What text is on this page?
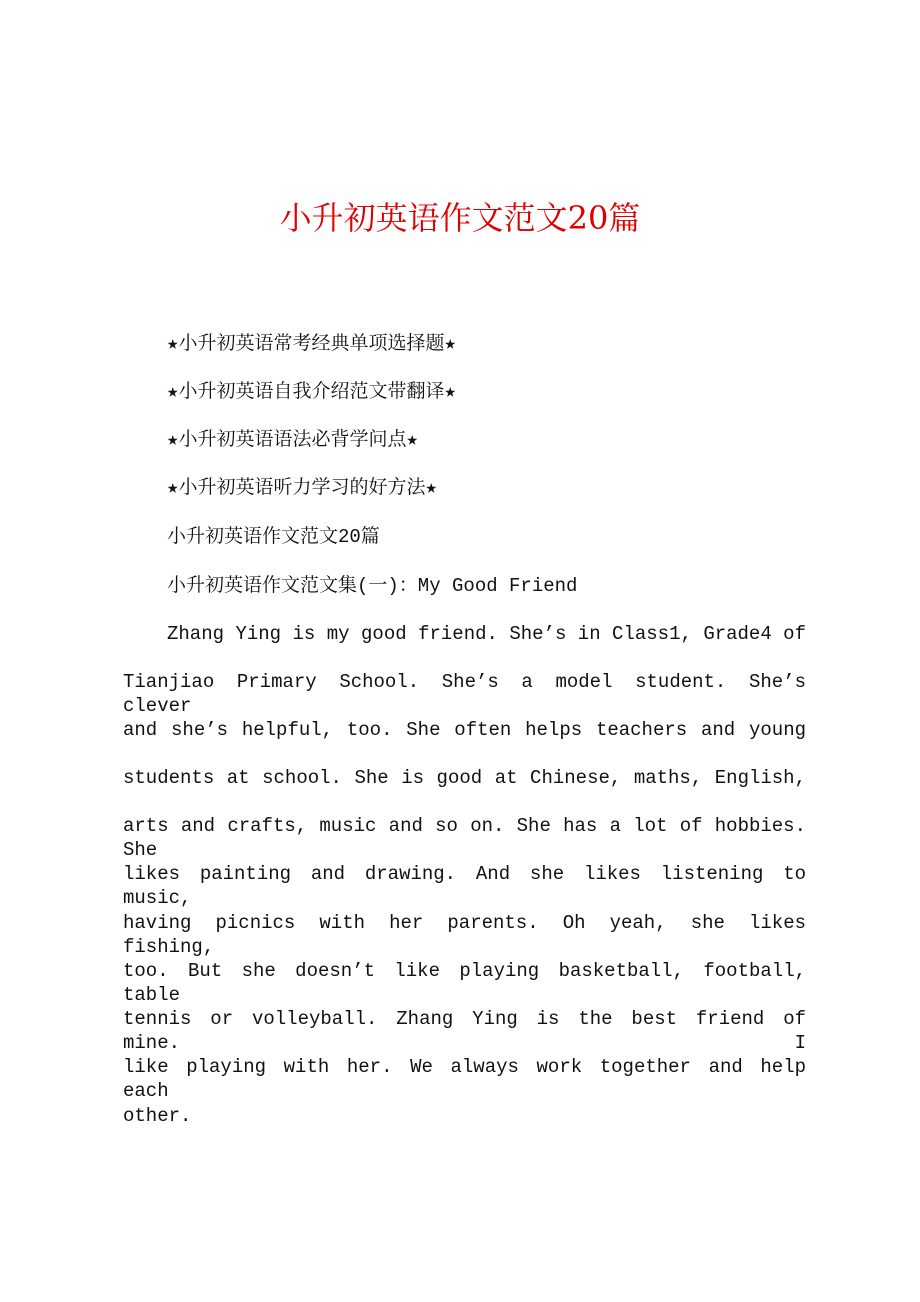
小升初英语作文范文20篇
★小升初英语常考经典单项选择题★
★小升初英语自我介绍范文带翻译★
★小升初英语语法必背学问点★
★小升初英语听力学习的好方法★
小升初英语作文范文20篇
小升初英语作文范文集(一)：My Good Friend
Zhang Ying is my good friend. She’s in Class1, Grade4 of
Tianjiao Primary School. She’s a model student. She’s clever
and she’s helpful, too. She often helps teachers and young
students at school. She is good at Chinese, maths, English,
arts and crafts, music and so on. She has a lot of hobbies. She
likes painting and drawing. And she likes listening to music,
having picnics with her parents. Oh yeah, she likes fishing,
too. But she doesn’t like playing basketball, football, table
tennis or volleyball. Zhang Ying is the best friend of mine. I
like playing with her. We always work together and help each
other.
